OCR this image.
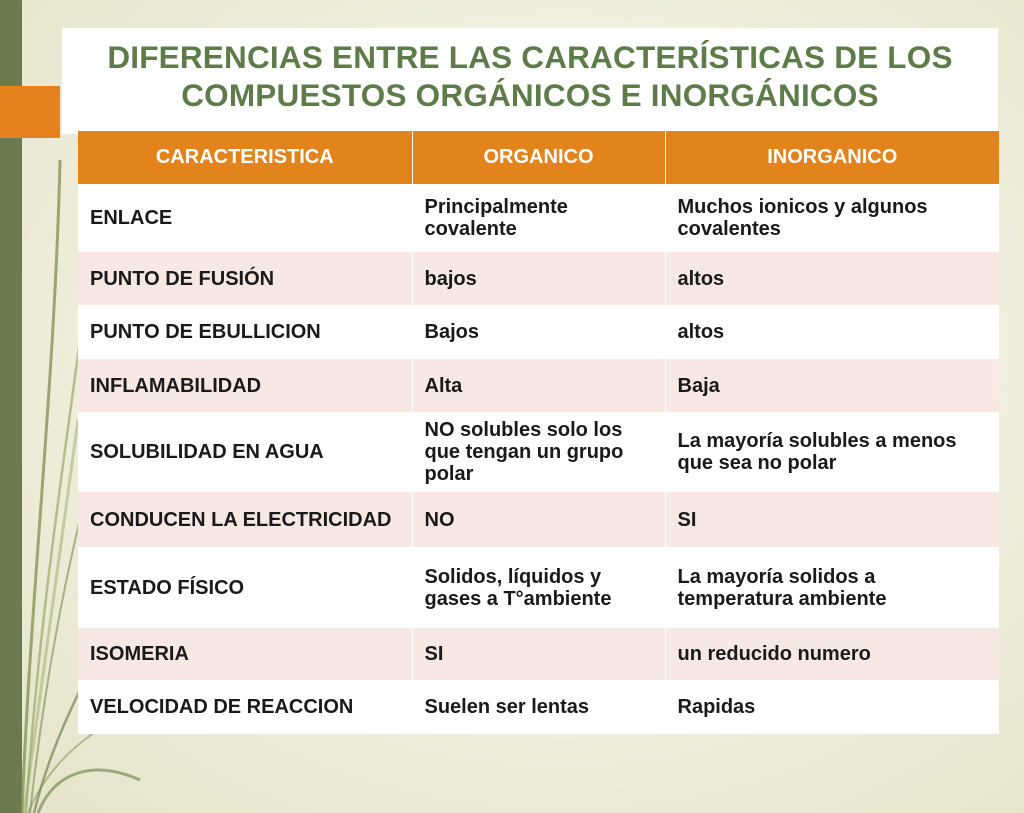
DIFERENCIAS ENTRE LAS CARACTERÍSTICAS DE LOS
COMPUESTOS ORGÁNICOS E INORGÁNICOS
CARACTERISTICA	ORGANICO	INORGANICO
ENLACE	Principalmente covalente	Muchos ionicos y algunos covalentes
PUNTO DE FUSIÓN	bajos	altos
PUNTO DE EBULLICION	Bajos	altos
INFLAMABILIDAD	Alta	Baja
SOLUBILIDAD EN AGUA	NO solubles solo los que tengan un grupo polar	La mayoría solubles a menos que sea no polar
CONDUCEN LA ELECTRICIDAD	NO	SI
ESTADO FÍSICO	Solidos, líquidos y gases a T°ambiente	La mayoría solidos a temperatura ambiente
ISOMERIA	SI	un reducido numero
VELOCIDAD DE REACCION	Suelen ser lentas	Rapidas
